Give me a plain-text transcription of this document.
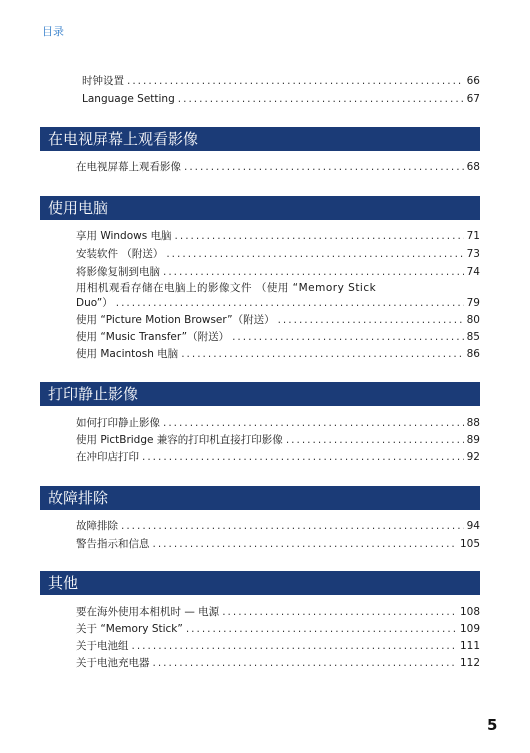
目录
时钟设置 .....	66
Language Setting .....	67
在电视屏幕上观看影像
在电视屏幕上观看影像 .....	68
使用电脑
享用 Windows 电脑 .....	71
安装软件 （附送） .....	73
将影像复制到电脑 .....	74
用相机观看存储在电脑上的影像文件 （使用 “Memory Stick
Duo”） .....	79
使用 “Picture Motion Browser”（附送） .....	80
使用 “Music Transfer”（附送） .....	85
使用 Macintosh 电脑 .....	86
打印静止影像
如何打印静止影像 .....	88
使用 PictBridge 兼容的打印机直接打印影像 .....	89
在冲印店打印 .....	92
故障排除
故障排除 .....	94
警告指示和信息 .....	105
其他
要在海外使用本相机时 — 电源 .....	108
关于 “Memory Stick” .....	109
关于电池组 .....	111
关于电池充电器 .....	112
5
